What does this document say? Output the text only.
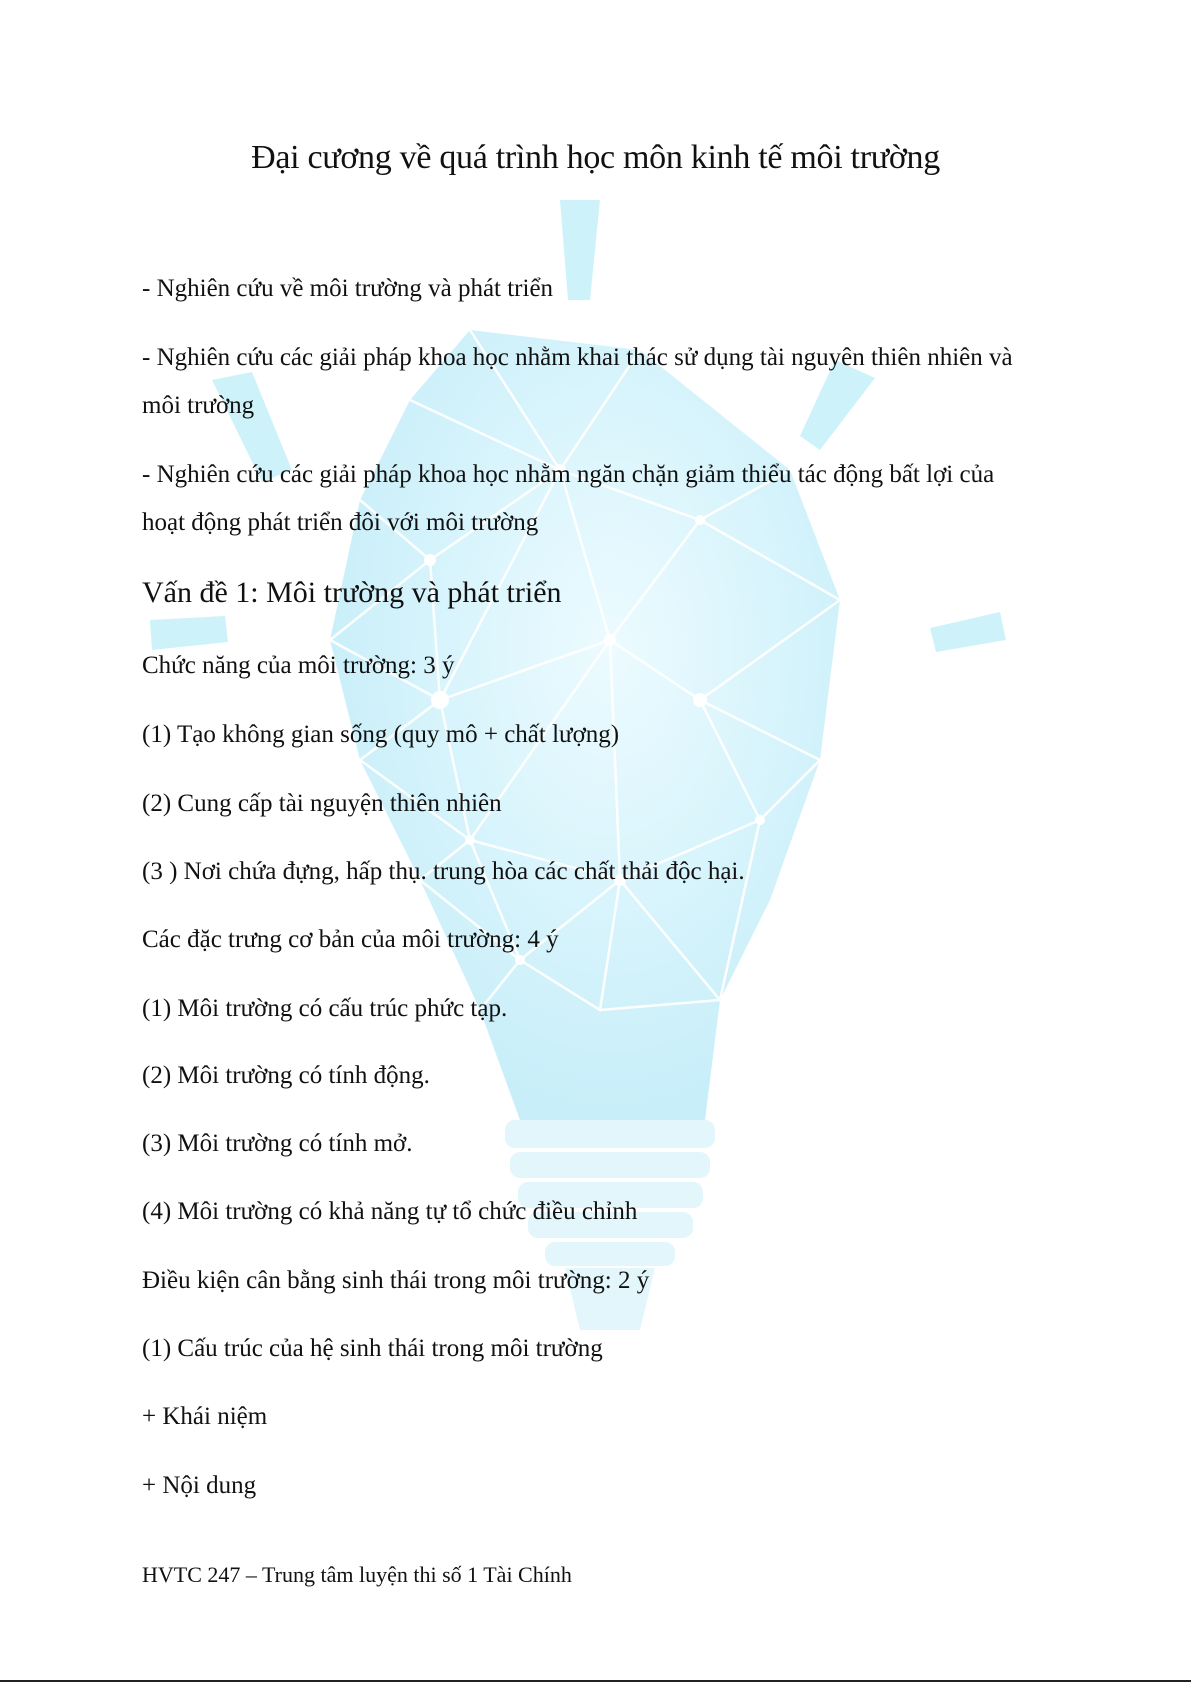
Đại cương về quá trình học môn kinh tế môi trường
- Nghiên cứu về môi trường và phát triển
- Nghiên cứu các giải pháp khoa học nhằm khai thác sử dụng tài nguyên thiên nhiên và môi trường
- Nghiên cứu các giải pháp khoa học nhằm ngăn chặn giảm thiểu tác động bất lợi của hoạt động phát triển đôi với môi trường
Vấn đề 1: Môi trường và phát triển
Chức năng của môi trường: 3 ý
(1) Tạo không gian sống (quy mô + chất lượng)
(2) Cung cấp tài nguyện thiên nhiên
(3 ) Nơi chứa đựng, hấp thụ. trung hòa các chất thải độc hại.
Các đặc trưng cơ bản của môi trường: 4 ý
(1) Môi trường có cấu trúc phức tạp.
(2) Môi trường có tính động.
(3) Môi trường có tính mở.
(4) Môi trường có khả năng tự tổ chức điều chỉnh
Điều kiện cân bằng sinh thái trong môi trường: 2 ý
(1) Cấu trúc của hệ sinh thái trong môi trường
+ Khái niệm
+ Nội dung
HVTC 247 – Trung tâm luyện thi số 1 Tài Chính
